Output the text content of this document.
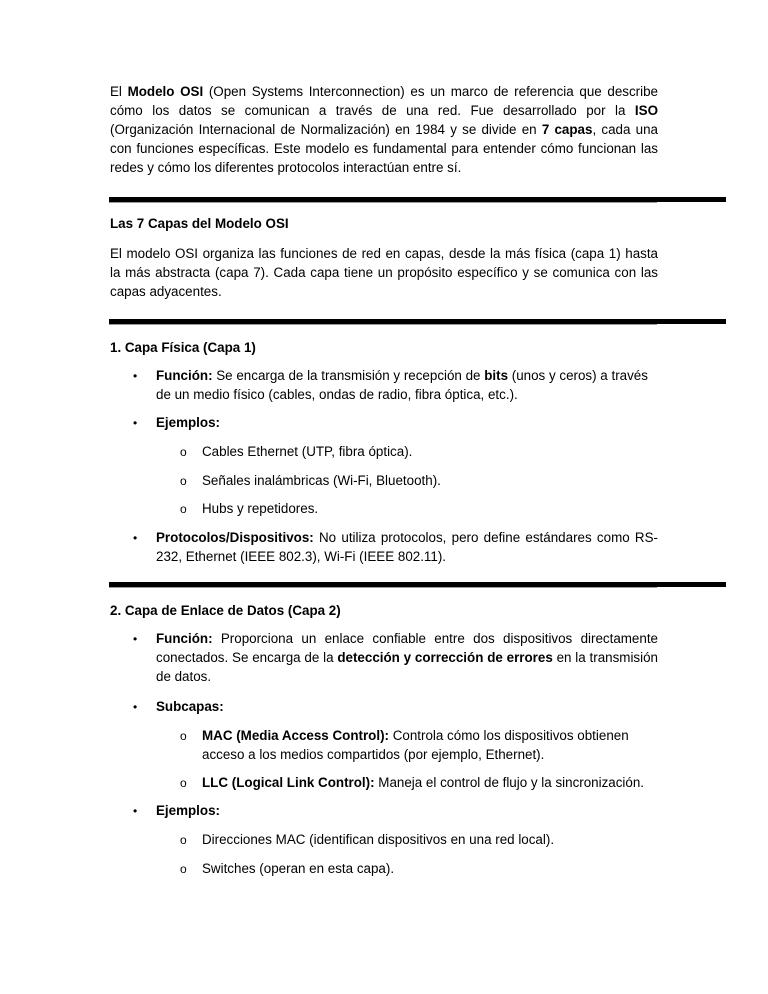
El Modelo OSI (Open Systems Interconnection) es un marco de referencia que describe cómo los datos se comunican a través de una red. Fue desarrollado por la ISO (Organización Internacional de Normalización) en 1984 y se divide en 7 capas, cada una con funciones específicas. Este modelo es fundamental para entender cómo funcionan las redes y cómo los diferentes protocolos interactúan entre sí.

Las 7 Capas del Modelo OSI

El modelo OSI organiza las funciones de red en capas, desde la más física (capa 1) hasta la más abstracta (capa 7). Cada capa tiene un propósito específico y se comunica con las capas adyacentes.

1. Capa Física (Capa 1)

• Función: Se encarga de la transmisión y recepción de bits (unos y ceros) a través de un medio físico (cables, ondas de radio, fibra óptica, etc.).

• Ejemplos:

o Cables Ethernet (UTP, fibra óptica).

o Señales inalámbricas (Wi-Fi, Bluetooth).

o Hubs y repetidores.

• Protocolos/Dispositivos: No utiliza protocolos, pero define estándares como RS-232, Ethernet (IEEE 802.3), Wi-Fi (IEEE 802.11).

2. Capa de Enlace de Datos (Capa 2)

• Función: Proporciona un enlace confiable entre dos dispositivos directamente conectados. Se encarga de la detección y corrección de errores en la transmisión de datos.

• Subcapas:

o MAC (Media Access Control): Controla cómo los dispositivos obtienen acceso a los medios compartidos (por ejemplo, Ethernet).

o LLC (Logical Link Control): Maneja el control de flujo y la sincronización.

• Ejemplos:

o Direcciones MAC (identifican dispositivos en una red local).

o Switches (operan en esta capa).
